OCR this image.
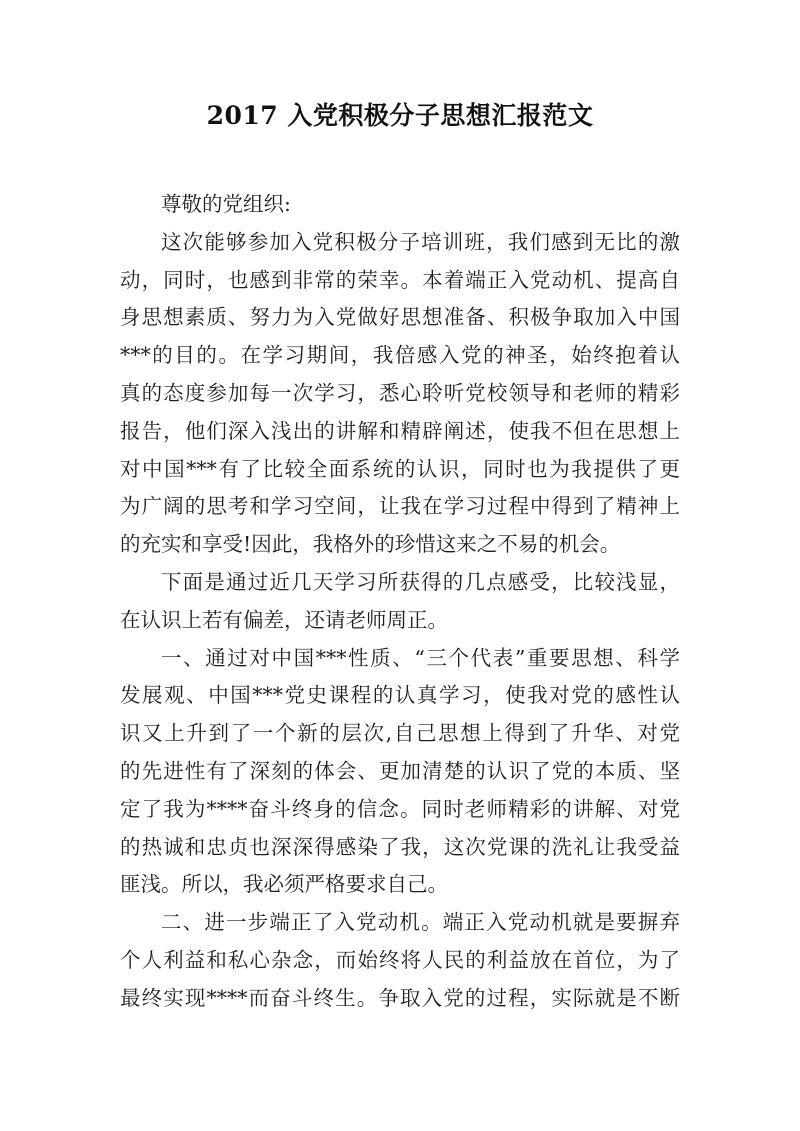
2017 入党积极分子思想汇报范文
尊敬的党组织:
这次能够参加入党积极分子培训班，我们感到无比的激
动，同时，也感到非常的荣幸。本着端正入党动机、提高自
身思想素质、努力为入党做好思想准备、积极争取加入中国
***的目的。在学习期间，我倍感入党的神圣，始终抱着认
真的态度参加每一次学习，悉心聆听党校领导和老师的精彩
报告，他们深入浅出的讲解和精辟阐述，使我不但在思想上
对中国***有了比较全面系统的认识，同时也为我提供了更
为广阔的思考和学习空间，让我在学习过程中得到了精神上
的充实和享受!因此，我格外的珍惜这来之不易的机会。
下面是通过近几天学习所获得的几点感受，比较浅显，
在认识上若有偏差，还请老师周正。
一、通过对中国***性质、“三个代表”重要思想、科学
发展观、中国***党史课程的认真学习，使我对党的感性认
识又上升到了一个新的层次,自己思想上得到了升华、对党
的先进性有了深刻的体会、更加清楚的认识了党的本质、坚
定了我为****奋斗终身的信念。同时老师精彩的讲解、对党
的热诚和忠贞也深深得感染了我，这次党课的洗礼让我受益
匪浅。所以，我必须严格要求自己。
二、进一步端正了入党动机。端正入党动机就是要摒弃
个人利益和私心杂念，而始终将人民的利益放在首位，为了
最终实现****而奋斗终生。争取入党的过程，实际就是不断
